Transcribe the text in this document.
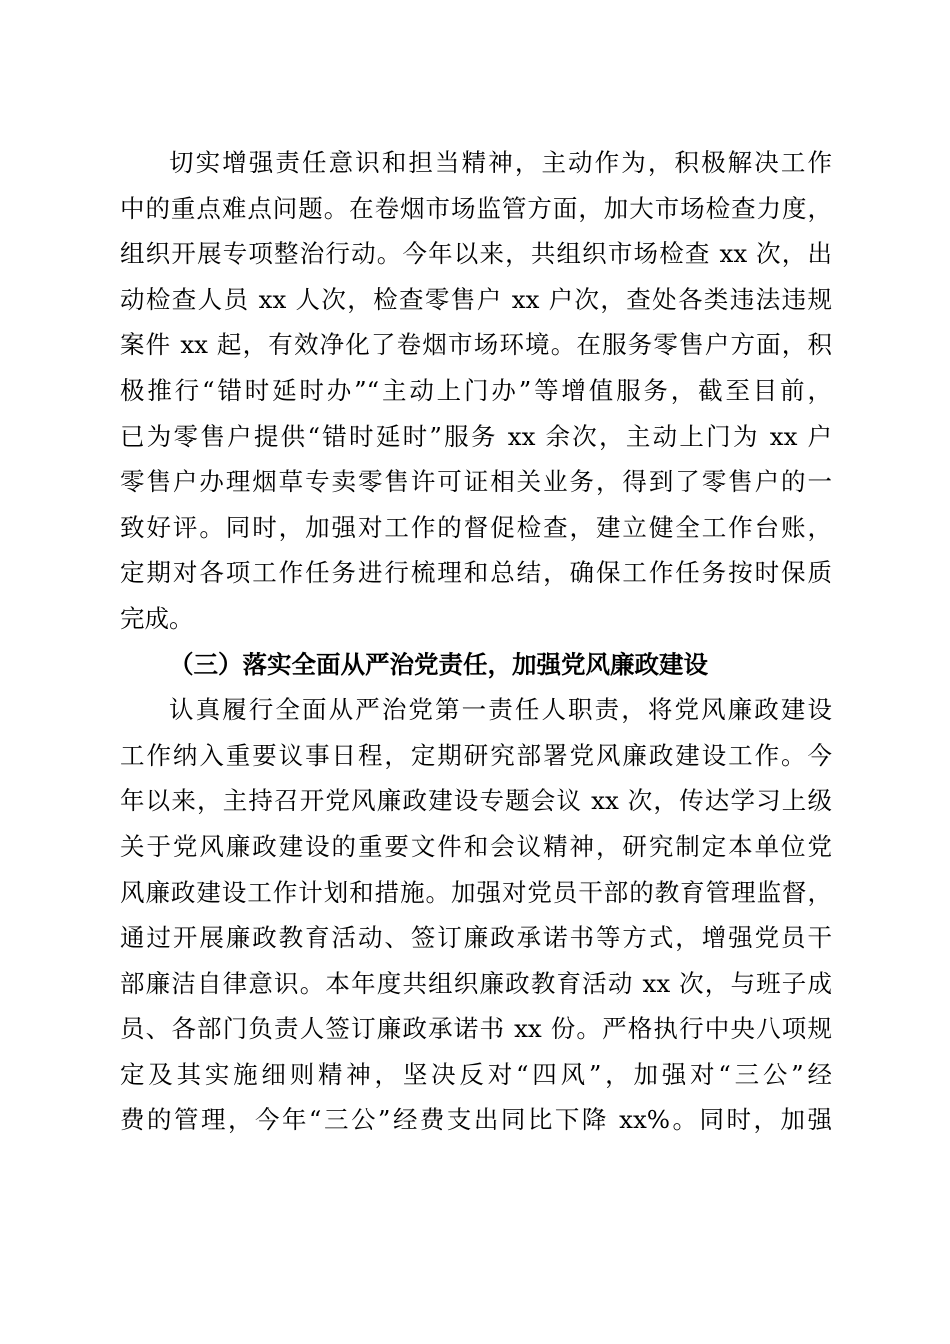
切实增强责任意识和担当精神，主动作为，积极解决工作
中的重点难点问题。在卷烟市场监管方面，加大市场检查力度，
组织开展专项整治行动。今年以来，共组织市场检查 xx 次，出
动检查人员 xx 人次，检查零售户 xx 户次，查处各类违法违规
案件 xx 起，有效净化了卷烟市场环境。在服务零售户方面，积
极推行“错时延时办”“主动上门办”等增值服务，截至目前，
已为零售户提供“错时延时”服务 xx 余次，主动上门为 xx 户
零售户办理烟草专卖零售许可证相关业务，得到了零售户的一
致好评。同时，加强对工作的督促检查，建立健全工作台账，
定期对各项工作任务进行梳理和总结，确保工作任务按时保质
完成。
（三）落实全面从严治党责任，加强党风廉政建设
认真履行全面从严治党第一责任人职责，将党风廉政建设
工作纳入重要议事日程，定期研究部署党风廉政建设工作。今
年以来，主持召开党风廉政建设专题会议 xx 次，传达学习上级
关于党风廉政建设的重要文件和会议精神，研究制定本单位党
风廉政建设工作计划和措施。加强对党员干部的教育管理监督，
通过开展廉政教育活动、签订廉政承诺书等方式，增强党员干
部廉洁自律意识。本年度共组织廉政教育活动 xx 次，与班子成
员、各部门负责人签订廉政承诺书 xx 份。严格执行中央八项规
定及其实施细则精神，坚决反对“四风”，加强对“三公”经
费的管理，今年“三公”经费支出同比下降 xx%。同时，加强
